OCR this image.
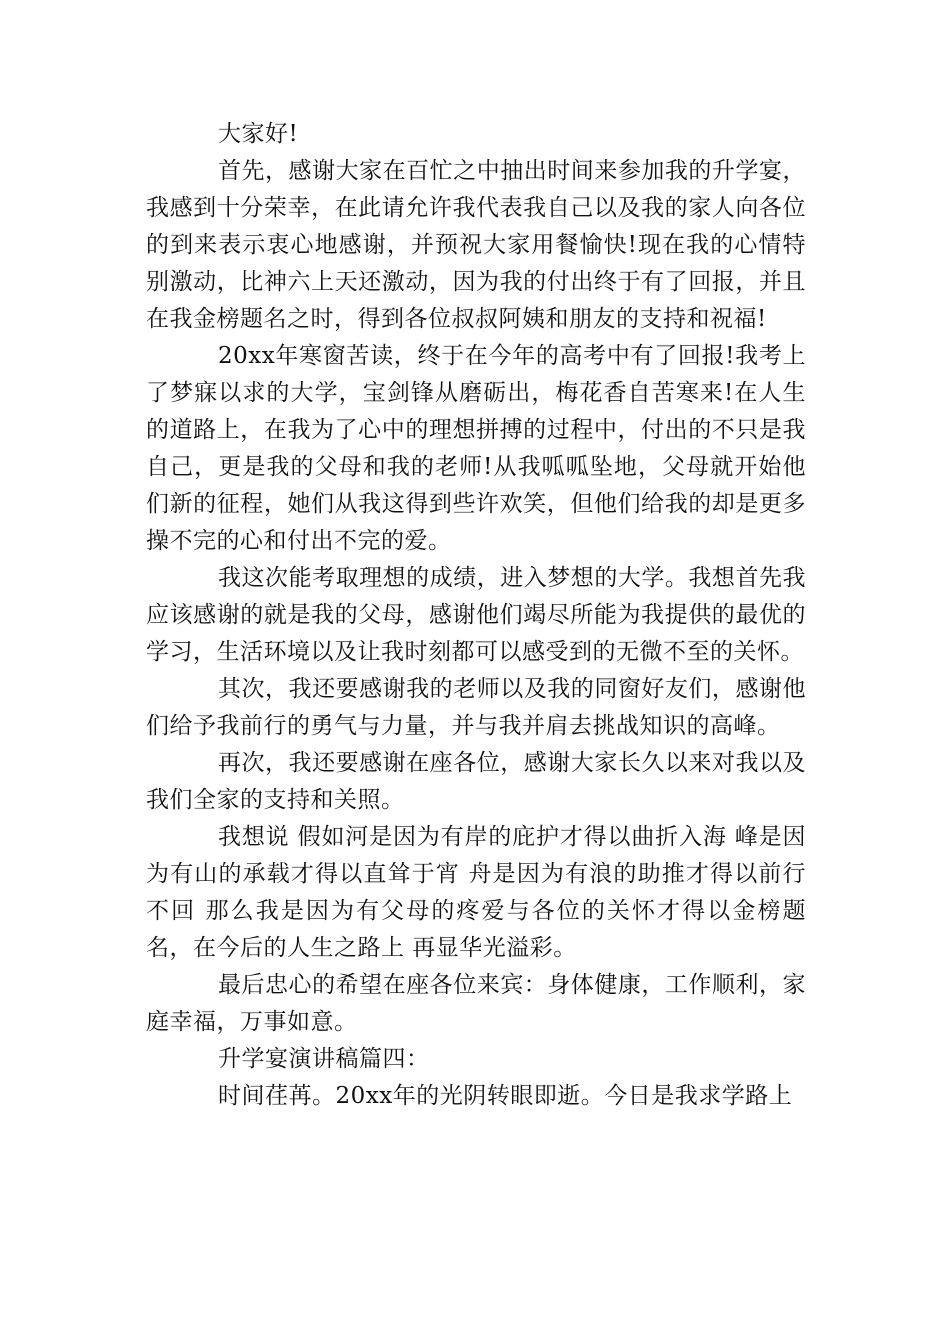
大家好!

首先，感谢大家在百忙之中抽出时间来参加我的升学宴，我感到十分荣幸，在此请允许我代表我自己以及我的家人向各位的到来表示衷心地感谢，并预祝大家用餐愉快!现在我的心情特别激动，比神六上天还激动，因为我的付出终于有了回报，并且在我金榜题名之时，得到各位叔叔阿姨和朋友的支持和祝福!

20xx年寒窗苦读，终于在今年的高考中有了回报!我考上了梦寐以求的大学，宝剑锋从磨砺出，梅花香自苦寒来!在人生的道路上，在我为了心中的理想拼搏的过程中，付出的不只是我自己，更是我的父母和我的老师!从我呱呱坠地，父母就开始他们新的征程，她们从我这得到些许欢笑，但他们给我的却是更多操不完的心和付出不完的爱。

我这次能考取理想的成绩，进入梦想的大学。我想首先我应该感谢的就是我的父母，感谢他们竭尽所能为我提供的最优的学习，生活环境以及让我时刻都可以感受到的无微不至的关怀。

其次，我还要感谢我的老师以及我的同窗好友们，感谢他们给予我前行的勇气与力量，并与我并肩去挑战知识的高峰。

再次，我还要感谢在座各位，感谢大家长久以来对我以及我们全家的支持和关照。

我想说 假如河是因为有岸的庇护才得以曲折入海 峰是因为有山的承载才得以直耸于宵 舟是因为有浪的助推才得以前行不回 那么我是因为有父母的疼爱与各位的关怀才得以金榜题名，在今后的人生之路上 再显华光溢彩。

最后忠心的希望在座各位来宾：身体健康，工作顺利，家庭幸福，万事如意。

升学宴演讲稿篇四：

时间荏苒。20xx年的光阴转眼即逝。今日是我求学路上
